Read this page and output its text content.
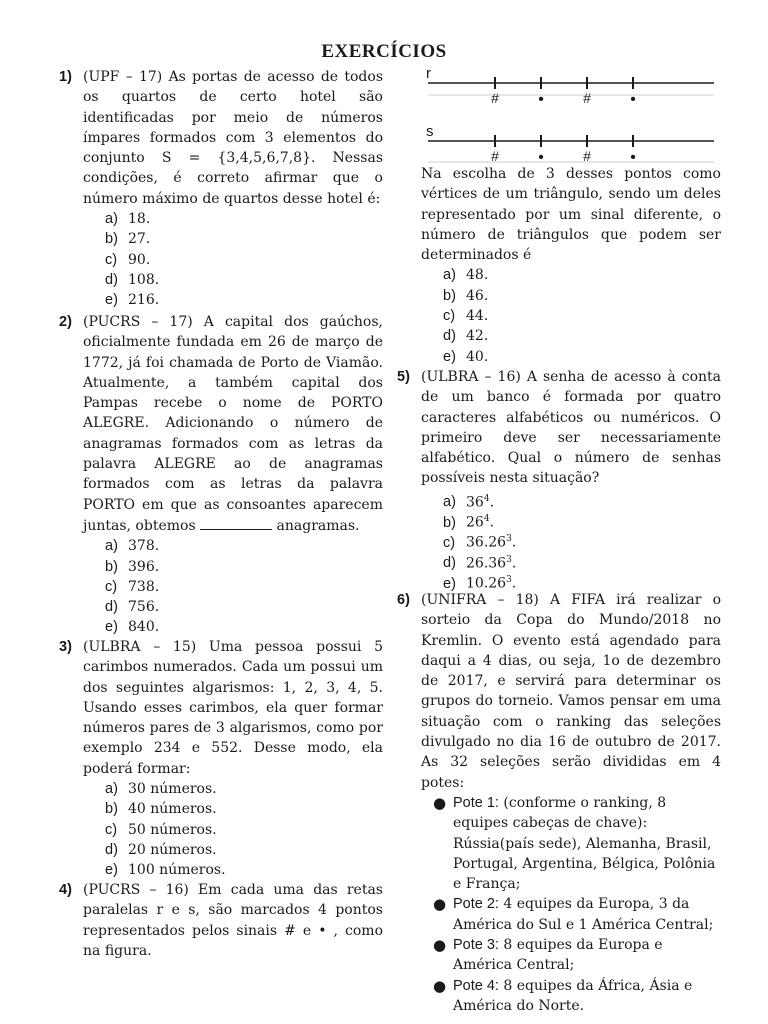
EXERCÍCIOS
1) (UPF – 17) As portas de acesso de todos os quartos de certo hotel são identificadas por meio de números ímpares formados com 3 elementos do conjunto S = {3,4,5,6,7,8}. Nessas condições, é correto afirmar que o número máximo de quartos desse hotel é:
a) 18.
b) 27.
c) 90.
d) 108.
e) 216.
2) (PUCRS – 17) A capital dos gaúchos, oficialmente fundada em 26 de março de 1772, já foi chamada de Porto de Viamão. Atualmente, a também capital dos Pampas recebe o nome de PORTO ALEGRE. Adicionando o número de anagramas formados com as letras da palavra ALEGRE ao de anagramas formados com as letras da palavra PORTO em que as consoantes aparecem juntas, obtemos	anagramas.
a) 378.
b) 396.
c) 738.
d) 756.
e) 840.
3) (ULBRA – 15) Uma pessoa possui 5 carimbos numerados. Cada um possui um dos seguintes algarismos: 1, 2, 3, 4, 5. Usando esses carimbos, ela quer formar números pares de 3 algarismos, como por exemplo 234 e 552. Desse modo, ela poderá formar:
a) 30 números.
b) 40 números.
c) 50 números.
d) 20 números.
e) 100 números.
4) (PUCRS – 16) Em cada uma das retas paralelas r e s, são marcados 4 pontos representados pelos sinais # e • , como na figura.
r
# •	# •
s
# •	# •
Na escolha de 3 desses pontos como vértices de um triângulo, sendo um deles representado por um sinal diferente, o número de triângulos que podem ser determinados é
a) 48.
b) 46.
c) 44.
d) 42.
e) 40.
5) (ULBRA – 16) A senha de acesso à conta de um banco é formada por quatro caracteres alfabéticos ou numéricos. O primeiro deve ser necessariamente alfabético. Qual o número de senhas possíveis nesta situação?
a) $36^4$.
b) $26^4$.
c) 36.26$^3$.
d) 26.36$^3$.
e) 10.26$^3$.
6) (UNIFRA – 18) A FIFA irá realizar o sorteio da Copa do Mundo/2018 no Kremlin. O evento está agendado para daqui a 4 dias, ou seja, 1o de dezembro de 2017, e servirá para determinar os grupos do torneio. Vamos pensar em uma situação com o ranking das seleções divulgado no dia 16 de outubro de 2017. As 32 seleções serão divididas em 4 potes:
● Pote 1: (conforme o ranking, 8 equipes cabeças de chave): Rússia(país sede), Alemanha, Brasil, Portugal, Argentina, Bélgica, Polônia e França;
● Pote 2: 4 equipes da Europa, 3 da América do Sul e 1 América Central;
● Pote 3: 8 equipes da Europa e América Central;
● Pote 4: 8 equipes da África, Ásia e América do Norte.
